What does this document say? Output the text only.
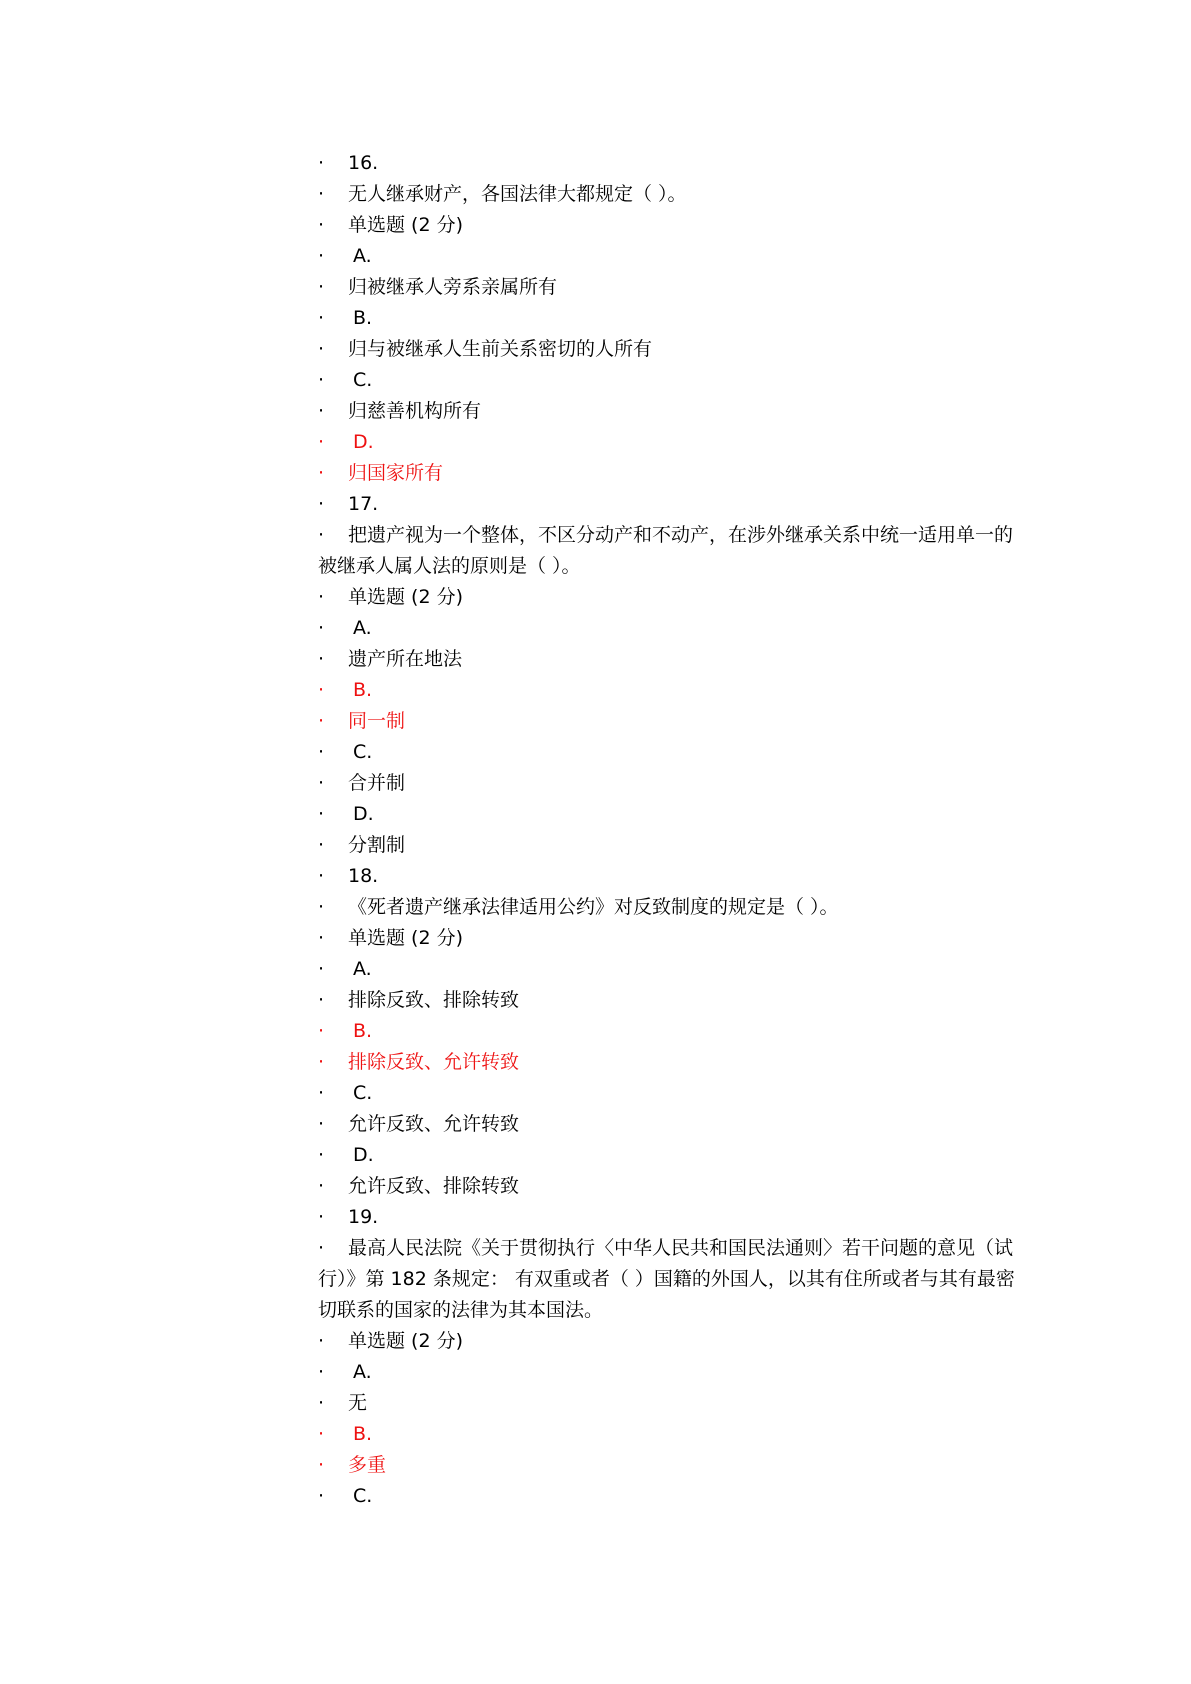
· 16.
· 无人继承财产，各国法律大都规定（ ）。
· 单选题 (2 分)
· A.
· 归被继承人旁系亲属所有
· B.
· 归与被继承人生前关系密切的人所有
· C.
· 归慈善机构所有
· D.
· 归国家所有
· 17.
· 把遗产视为一个整体，不区分动产和不动产，在涉外继承关系中统一适用单一的被继承人属人法的原则是（ ）。
· 单选题 (2 分)
· A.
· 遗产所在地法
· B.
· 同一制
· C.
· 合并制
· D.
· 分割制
· 18.
· 《死者遗产继承法律适用公约》对反致制度的规定是（ ）。
· 单选题 (2 分)
· A.
· 排除反致、排除转致
· B.
· 排除反致、允许转致
· C.
· 允许反致、允许转致
· D.
· 允许反致、排除转致
· 19.
· 最高人民法院《关于贯彻执行〈中华人民共和国民法通则〉若干问题的意见（试行）》第 182 条规定： 有双重或者（ ）国籍的外国人，以其有住所或者与其有最密切联系的国家的法律为其本国法。
· 单选题 (2 分)
· A.
· 无
· B.
· 多重
· C.
